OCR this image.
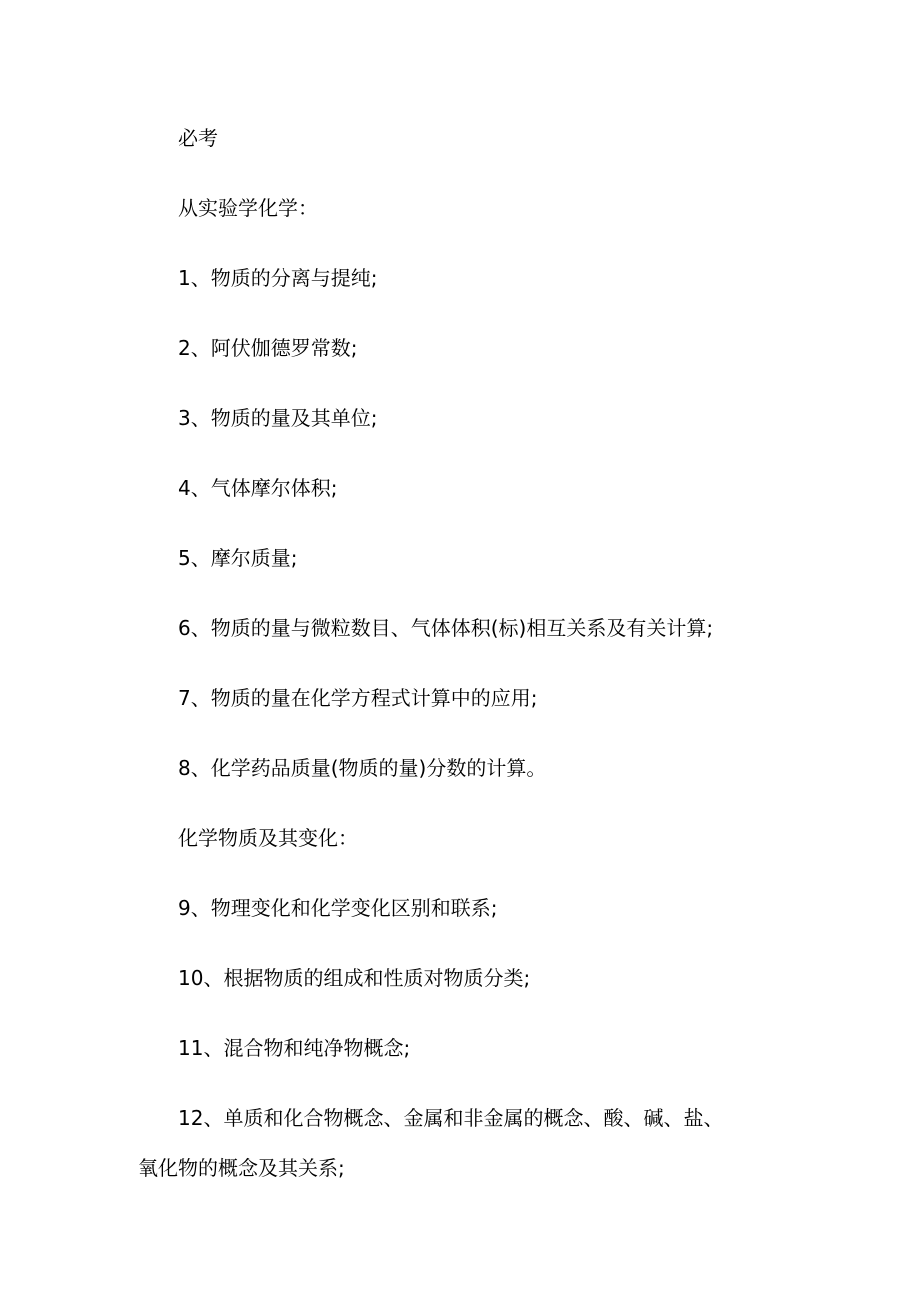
必考

从实验学化学：

1、物质的分离与提纯;

2、阿伏伽德罗常数;

3、物质的量及其单位;

4、气体摩尔体积;

5、摩尔质量;

6、物质的量与微粒数目、气体体积(标)相互关系及有关计算;

7、物质的量在化学方程式计算中的应用;

8、化学药品质量(物质的量)分数的计算。

化学物质及其变化：

9、物理变化和化学变化区别和联系;

10、根据物质的组成和性质对物质分类;

11、混合物和纯净物概念;

12、单质和化合物概念、金属和非金属的概念、酸、碱、盐、

氧化物的概念及其关系;
